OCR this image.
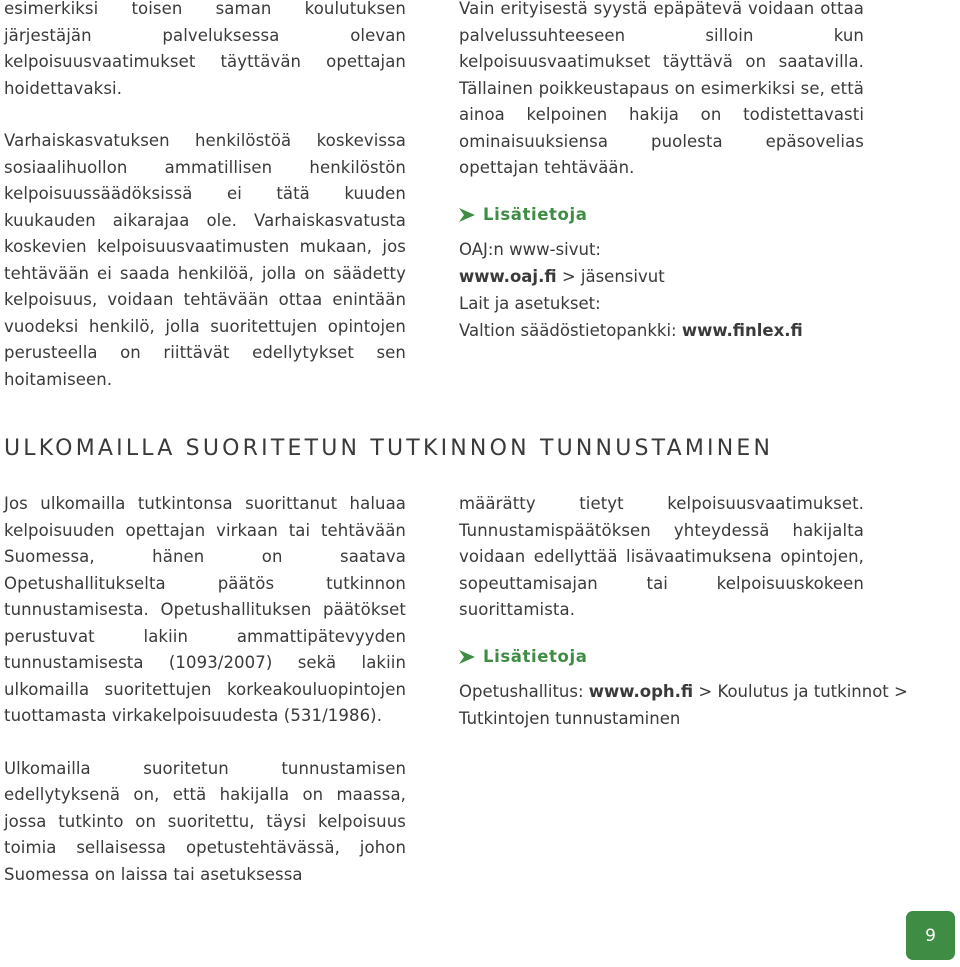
esimerkiksi toisen saman koulutuksen järjestäjän palveluksessa olevan kelpoisuusvaatimukset täyttävän opettajan hoidettavaksi.

Varhaiskasvatuksen henkilöstöä koskevissa sosiaalihuollon ammatillisen henkilöstön kelpoisuussäädöksissä ei tätä kuuden kuukauden aikarajaa ole. Varhaiskasvatusta koskevien kelpoisuusvaatimusten mukaan, jos tehtävään ei saada henkilöä, jolla on säädetty kelpoisuus, voidaan tehtävään ottaa enintään vuodeksi henkilö, jolla suoritettujen opintojen perusteella on riittävät edellytykset sen hoitamiseen.

Vain erityisestä syystä epäpätevä voidaan ottaa palvelussuhteeseen silloin kun kelpoisuusvaatimukset täyttävä on saatavilla. Tällainen poikkeustapaus on esimerkiksi se, että ainoa kelpoinen hakija on todistettavasti ominaisuuksiensa puolesta epäsovelias opettajan tehtävään.

Lisätietoja
OAJ:n www-sivut:
www.oaj.fi > jäsensivut
Lait ja asetukset:
Valtion säädöstietopankki: www.finlex.fi
ULKOMAILLA SUORITETUN TUTKINNON TUNNUSTAMINEN

Jos ulkomailla tutkintonsa suorittanut haluaa kelpoisuuden opettajan virkaan tai tehtävään Suomessa, hänen on saatava Opetushallitukselta päätös tutkinnon tunnustamisesta. Opetushallituksen päätökset perustuvat lakiin ammattipätevyyden tunnustamisesta (1093/2007) sekä lakiin ulkomailla suoritettujen korkeakouluopintojen tuottamasta virkakelpoisuudesta (531/1986).

Ulkomailla suoritetun tunnustamisen edellytyksenä on, että hakijalla on maassa, jossa tutkinto on suoritettu, täysi kelpoisuus toimia sellaisessa opetustehtävässä, johon Suomessa on laissa tai asetuksessa

määrätty tietyt kelpoisuusvaatimukset. Tunnustamispäätöksen yhteydessä hakijalta voidaan edellyttää lisävaatimuksena opintojen, sopeuttamisajan tai kelpoisuuskokeen suorittamista.

Lisätietoja
Opetushallitus: www.oph.fi > Koulutus ja tutkinnot >
Tutkintojen tunnustaminen
9
